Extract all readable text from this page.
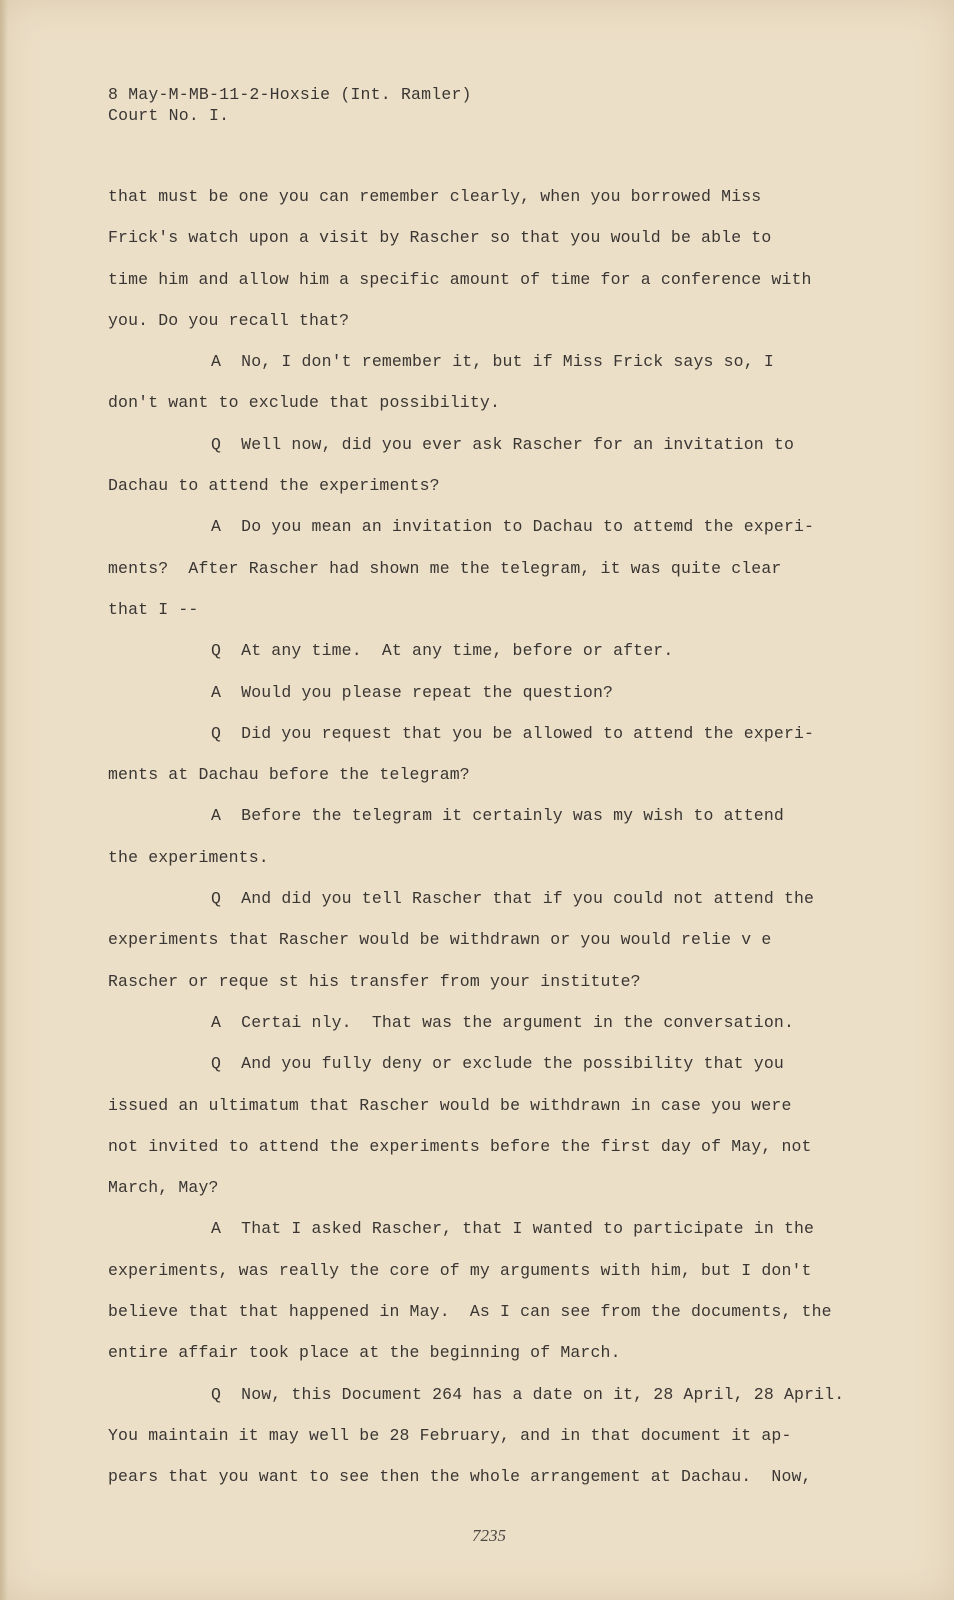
8 May-M-MB-11-2-Hoxsie (Int. Ramler)
Court No. I.
that must be one you can remember clearly, when you borrowed Miss
Frick's watch upon a visit by Rascher so that you would be able to
time him and allow him a specific amount of time for a conference with
you. Do you recall that?
A  No, I don't remember it, but if Miss Frick says so, I
don't want to exclude that possibility.
Q  Well now, did you ever ask Rascher for an invitation to
Dachau to attend the experiments?
A  Do you mean an invitation to Dachau to attemd the experi-
ments?  After Rascher had shown me the telegram, it was quite clear
that I --
Q  At any time.  At any time, before or after.
A  Would you please repeat the question?
Q  Did you request that you be allowed to attend the experi-
ments at Dachau before the telegram?
A  Before the telegram it certainly was my wish to attend
the experiments.
Q  And did you tell Rascher that if you could not attend the
experiments that Rascher would be withdrawn or you would relie v e
Rascher or reque st his transfer from your institute?
A  Certai nly.  That was the argument in the conversation.
Q  And you fully deny or exclude the possibility that you
issued an ultimatum that Rascher would be withdrawn in case you were
not invited to attend the experiments before the first day of May, not
March, May?
A  That I asked Rascher, that I wanted to participate in the
experiments, was really the core of my arguments with him, but I don't
believe that that happened in May.  As I can see from the documents, the
entire affair took place at the beginning of March.
Q  Now, this Document 264 has a date on it, 28 April, 28 April.
You maintain it may well be 28 February, and in that document it ap-
pears that you want to see then the whole arrangement at Dachau.  Now,
7235
